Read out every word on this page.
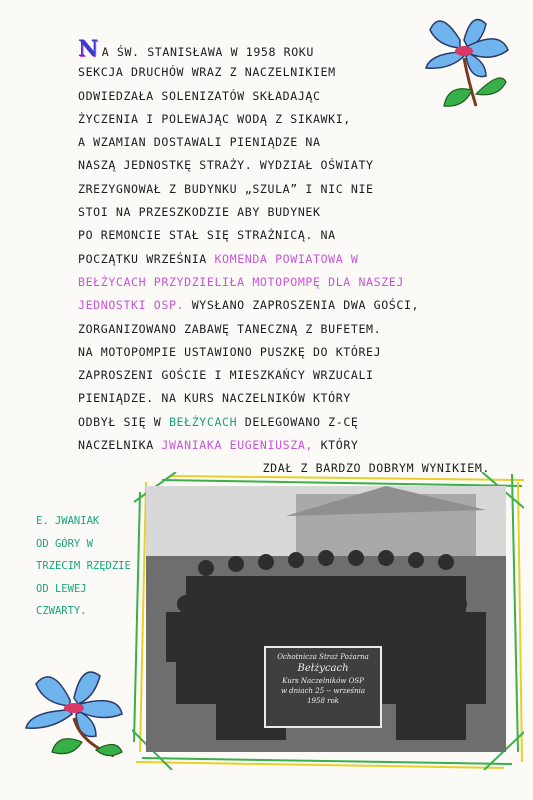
N A ŚW. STANISŁAWA W 1958 ROKU
SEKCJA DRUCHÓW WRAZ Z NACZELNIKIEM
ODWIEDZAŁA SOLENIZATÓW SKŁADAJĄC
ŻYCZENIA I POLEWAJĄC WODĄ Z SIKAWKI,
A WZAMIAN DOSTAWALI PIENIĄDZE NA
NASZĄ JEDNOSTKĘ STRAŻY. WYDZIAŁ OŚWIATY
ZREZYGNOWAŁ Z BUDYNKU „SZULA” I NIC NIE
STOI NA PRZESZKODZIE ABY BUDYNEK
PO REMONCIE STAŁ SIĘ STRAŻNICĄ. NA
POCZĄTKU WRZEŚNIA KOMENDA POWIATOWA W
BEŁŻYCACH PRZYDZIELIŁA MOTOPOMPĘ DLA NASZEJ
JEDNOSTKI OSP. WYSŁANO ZAPROSZENIA DWA GOŚCI,
ZORGANIZOWANO ZABAWĘ TANECZNĄ Z BUFETEM.
NA MOTOPOMPIE USTAWIONO PUSZKĘ DO KTÓREJ
ZAPROSZENI GOŚCIE I MIESZKAŃCY WRZUCALI
PIENIĄDZE. NA KURS NACZELNIKÓW KTÓRY
ODBYŁ SIĘ W BEŁŻYCACH DELEGOWANO Z-CĘ
NACZELNIKA JWANIAKA EUGENIUSZA, KTÓRY
ZDAŁ Z BARDZO DOBRYM WYNIKIEM.
E. JWANIAK
OD GÓRY W
TRZECIM RZĘDZIE
OD LEWEJ
CZWARTY.
Ochotnicza Straż Pożarna
Bełżycach
Kurs Naczelników OSP
w dniach 25 -- września
1958 rok
